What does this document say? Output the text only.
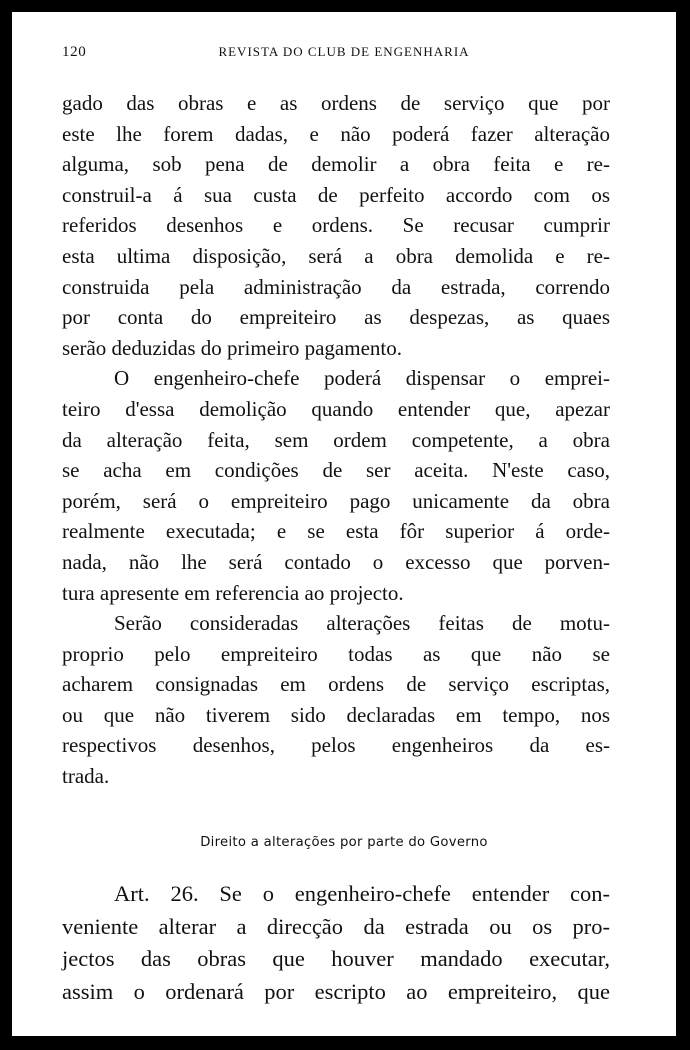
120	REVISTA DO CLUB DE ENGENHARIA
gado das obras e as ordens de serviço que por
este lhe forem dadas, e não poderá fazer alteração
alguma, sob pena de demolir a obra feita e re-
construil-a á sua custa de perfeito accordo com os
referidos desenhos e ordens. Se recusar cumprir
esta ultima disposição, será a obra demolida e re-
construida pela administração da estrada, correndo
por conta do empreiteiro as despezas, as quaes
serão deduzidas do primeiro pagamento.
O engenheiro-chefe poderá dispensar o emprei-
teiro d'essa demolição quando entender que, apezar
da alteração feita, sem ordem competente, a obra
se acha em condições de ser aceita. N'este caso,
porém, será o empreiteiro pago unicamente da obra
realmente executada; e se esta fôr superior á orde-
nada, não lhe será contado o excesso que porven-
tura apresente em referencia ao projecto.
Serão consideradas alterações feitas de motu-
proprio pelo empreiteiro todas as que não se
acharem consignadas em ordens de serviço escriptas,
ou que não tiverem sido declaradas em tempo, nos
respectivos desenhos, pelos engenheiros da es-
trada.
Direito a alterações por parte do Governo
Art. 26. Se o engenheiro-chefe entender con-
veniente alterar a direcção da estrada ou os pro-
jectos das obras que houver mandado executar,
assim o ordenará por escripto ao empreiteiro, que
